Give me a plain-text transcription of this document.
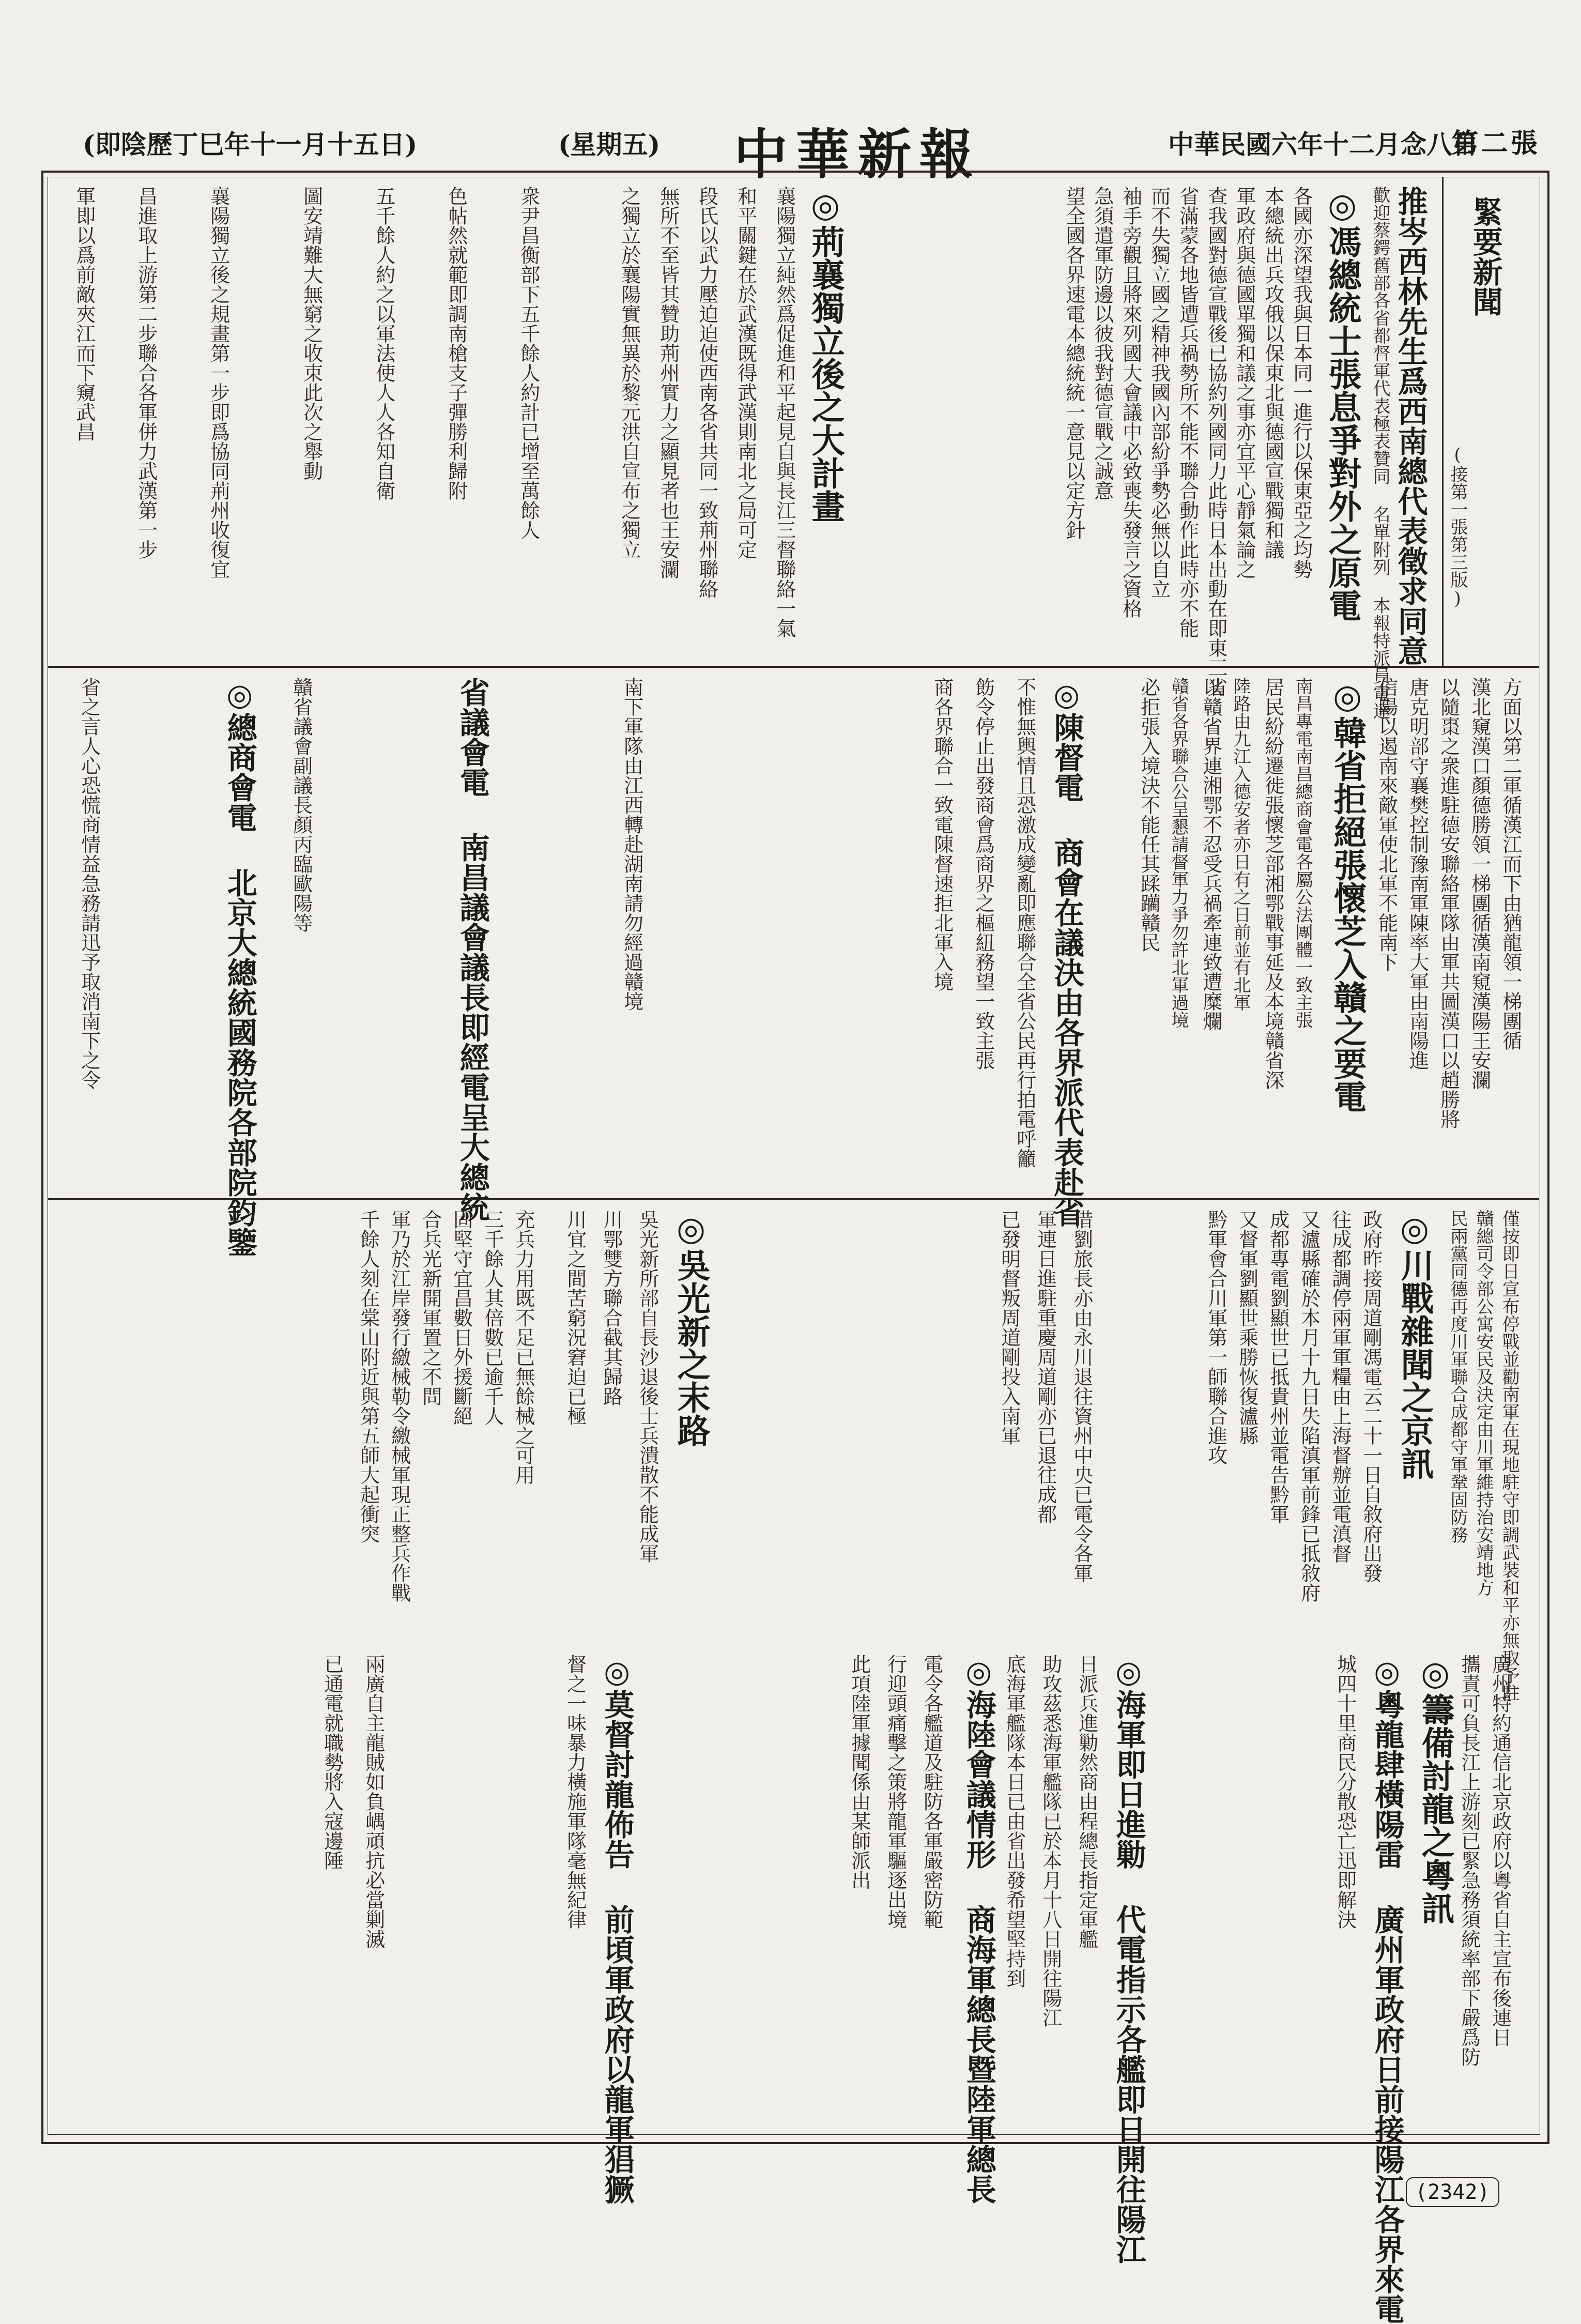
(即陰歷丁巳年十一月十五日)	(星期五) 中華新報	中華民國六年十二月念八日
第二張
緊要新聞
(接第一張第三版)
推岑西林先生爲西南總代表徵求同意
歡迎蔡鍔舊部各省都督軍代表極表贊同 名單附列 本報特派員電達
◎馮總統士張息爭對外之原電
各國亦深望我與日本同一進行以保東亞之均勢
本總統出兵攻俄以保東北與德國宣戰獨和議
軍政府與德國單獨和議之事亦宜平心靜氣論之
查我國對德宣戰後已協約列國同力此時日本出動在即東三省
省滿蒙各地皆遭兵禍勢所不能不聯合動作此時亦不能
而不失獨立國之精神我國內部紛爭勢必無以自立
袖手旁觀且將來列國大會議中必致喪失發言之資格
急須遣軍防邊以彼我對德宣戰之誠意
望全國各界速電本總統統一意見以定方針
◎荊襄獨立後之大計畫
襄陽獨立純然爲促進和平起見自與長江三督聯絡一氣
和平關鍵在於武漢既得武漢則南北之局可定
段氏以武力壓迫迫使西南各省共同一致荊州聯絡
無所不至皆其贊助荊州實力之顯見者也王安瀾
之獨立於襄陽實無異於黎元洪自宣布之獨立
衆尹昌衡部下五千餘人約計已增至萬餘人
色帖然就範即調南槍支子彈勝利歸附
五千餘人約之以軍法使人人各知自衛
圖安靖難大無窮之收束此次之舉動
襄陽獨立後之規畫第一步即爲協同荊州收復宜
昌進取上游第二步聯合各軍併力武漢第一步
軍即以爲前敵夾江而下窺武昌
方面以第二軍循漢江而下由猶龍領一梯團循
漢北窺漢口顏德勝領一梯團循漢南窺漢陽王安瀾
以隨棗之衆進駐德安聯絡軍隊由軍共圖漢口以趙勝將
唐克明部守襄樊控制豫南軍陳率大軍由南陽進
信陽以遏南來敵軍使北軍不能南下
◎韓省拒絕張懷芝入贛之要電
南昌專電南昌總商會電各屬公法團體一致主張
居民紛紛遷徙張懷芝部湘鄂戰事延及本境贛省深
陸路由九江入德安者亦日有之日前並有北軍
以贛省界連湘鄂不忍受兵禍牽連致遭糜爛
贛省各界聯合公呈懇請督軍力爭勿許北軍過境
必拒張入境決不能任其蹂躪贛民
◎陳督電 商會在議決由各界派代表赴省
不惟無輿情且恐激成變亂即應聯合全省公民再行拍電呼籲
飭令停止出發商會爲商界之樞紐務望一致主張
商各界聯合一致電陳督速拒北軍入境
南下軍隊由江西轉赴湖南請勿經過贛境
省議會電 南昌議會議長即經電呈大總統
贛省議會副議長顏丙臨歐陽等
◎總商會電 北京大總統國務院各部院鈞鑒
省之言人心恐慌商情益急務請迅予取消南下之令
僅按即日宣布停戰並勸南軍在現地駐守即調武裝和平亦無取予駐
贛總司令部公寓安民及決定由川軍維持治安靖地方
民兩黨同德再度川軍聯合成都守軍鞏固防務
◎川戰雜聞之京訊
政府昨接周道剛馮電云二十一日自敘府出發
往成都調停兩軍軍糧由上海督辦並電滇督
又瀘縣確於本月十九日失陷滇軍前鋒已抵敘府
成都專電劉顯世已抵貴州並電告黔軍
又督軍劉顯世乘勝恢復瀘縣
黔軍會合川軍第一師聯合進攻
借劉旅長亦由永川退往資州中央已電令各軍
軍連日進駐重慶周道剛亦已退往成都
已發明督叛周道剛投入南軍
◎吳光新之末路
吳光新所部自長沙退後士兵潰散不能成軍
川鄂雙方聯合截其歸路
川宜之間苦窮況窘迫已極
充兵力用既不足已無餘械之可用
三千餘人其倍數已逾千人
固堅守宜昌數日外援斷絕
合兵光新開軍置之不問
軍乃於江岸發行繳械勒令繳械軍現正整兵作戰
千餘人刻在棠山附近與第五師大起衝突
廣州特約通信北京政府以粵省自主宣布後連日
攜責可負長江上游刻已緊急務須統率部下嚴爲防
◎籌備討龍之粵訊
◎粵龍肆橫陽雷 廣州軍政府日前接陽江各界來電
城四十里商民分散恐亡迅即解決
◎海軍即日進勦 代電指示各艦即日開往陽江
日派兵進勦然商由程總長指定軍艦
助攻茲悉海軍艦隊已於本月十八日開往陽江
底海軍艦隊本日已由省出發希望堅持到
◎海陸會議情形 商海軍總長暨陸軍總長
電令各艦道及駐防各軍嚴密防範
行迎頭痛擊之策將龍軍驅逐出境
此項陸軍據聞係由某師派出
◎莫督討龍佈告 前頃軍政府以龍軍猖獗
督之一味暴力橫施軍隊毫無紀律
兩廣自主龍賊如負嵎頑抗必當剿滅
已通電就職勢將入寇邊陲
(2342)
